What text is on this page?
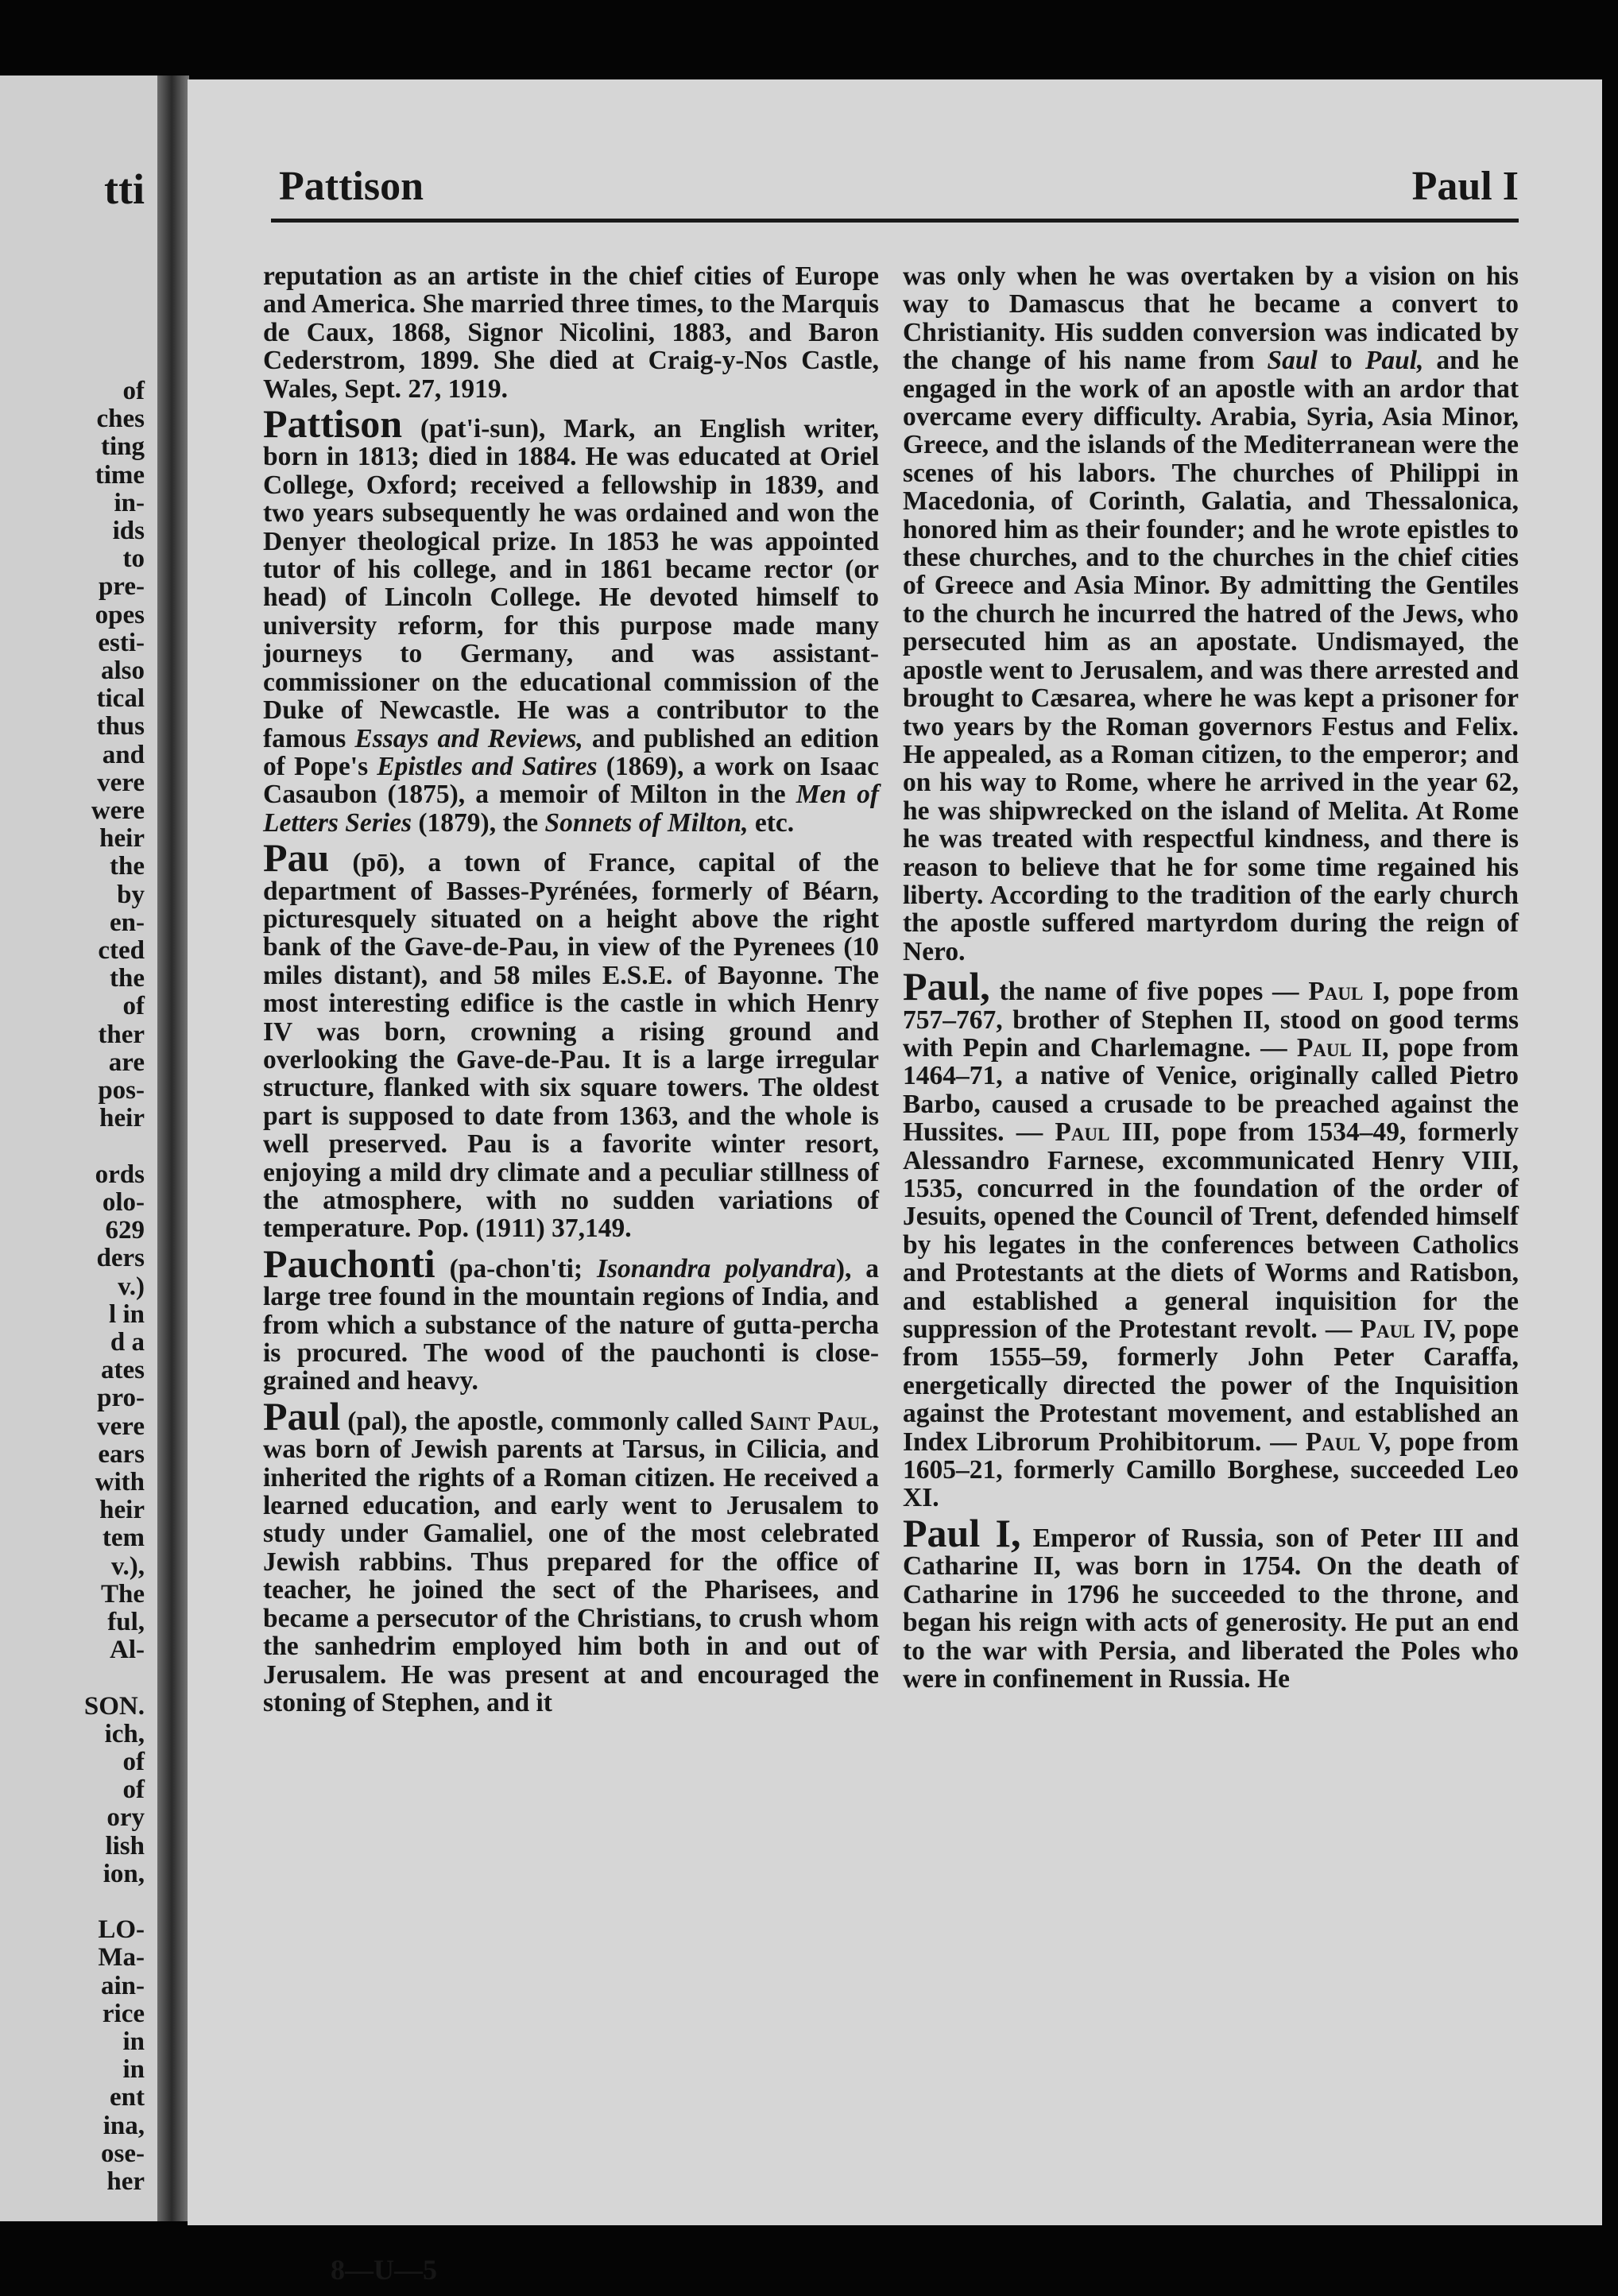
tti
of
ches
ting
time
in-
ids
to
pre-
opes
esti-
also
tical
thus
and
vere
were
heir
the
by
en-
cted
the
of
ther
are
pos-
heir

ords
olo-
629
ders
v.)
l in
d a
ates
pro-
vere
ears
with
heir
tem
v.),
The
ful,
Al-

SON.
ich,
of
of
ory
lish
ion,

LO-
Ma-
ain-
rice
in
in
ent
ina,
ose-
her
Pattison	Paul I

reputation as an artiste in the chief cities of Europe and America. She married three times, to the Marquis de Caux, 1868, Signor Nicolini, 1883, and Baron Cederstrom, 1899. She died at Craig-y-Nos Castle, Wales, Sept. 27, 1919.

Pattison (pat'i-sun), Mark, an English writer, born in 1813; died in 1884. He was educated at Oriel College, Oxford; received a fellowship in 1839, and two years subsequently he was ordained and won the Denyer theological prize. In 1853 he was appointed tutor of his college, and in 1861 became rector (or head) of Lincoln College. He devoted himself to university reform, for this purpose made many journeys to Germany, and was assistant-commissioner on the educational commission of the Duke of Newcastle. He was a contributor to the famous Essays and Reviews, and published an edition of Pope's Epistles and Satires (1869), a work on Isaac Casaubon (1875), a memoir of Milton in the Men of Letters Series (1879), the Sonnets of Milton, etc.

Pau (pō), a town of France, capital of the department of Basses-Pyrénées, formerly of Béarn, picturesquely situated on a height above the right bank of the Gave-de-Pau, in view of the Pyrenees (10 miles distant), and 58 miles E.S.E. of Bayonne. The most interesting edifice is the castle in which Henry IV was born, crowning a rising ground and overlooking the Gave-de-Pau. It is a large irregular structure, flanked with six square towers. The oldest part is supposed to date from 1363, and the whole is well preserved. Pau is a favorite winter resort, enjoying a mild dry climate and a peculiar stillness of the atmosphere, with no sudden variations of temperature. Pop. (1911) 37,149.

Pauchonti (pa-chon'ti; Isonandra polyandra), a large tree found in the mountain regions of India, and from which a substance of the nature of gutta-percha is procured. The wood of the pauchonti is close-grained and heavy.

Paul (pal), the apostle, commonly called Saint Paul, was born of Jewish parents at Tarsus, in Cilicia, and inherited the rights of a Roman citizen. He received a learned education, and early went to Jerusalem to study under Gamaliel, one of the most celebrated Jewish rabbins. Thus prepared for the office of teacher, he joined the sect of the Pharisees, and became a persecutor of the Christians, to crush whom the sanhedrim employed him both in and out of Jerusalem. He was present at and encouraged the stoning of Stephen, and it

was only when he was overtaken by a vision on his way to Damascus that he became a convert to Christianity. His sudden conversion was indicated by the change of his name from Saul to Paul, and he engaged in the work of an apostle with an ardor that overcame every difficulty. Arabia, Syria, Asia Minor, Greece, and the islands of the Mediterranean were the scenes of his labors. The churches of Philippi in Macedonia, of Corinth, Galatia, and Thessalonica, honored him as their founder; and he wrote epistles to these churches, and to the churches in the chief cities of Greece and Asia Minor. By admitting the Gentiles to the church he incurred the hatred of the Jews, who persecuted him as an apostate. Undismayed, the apostle went to Jerusalem, and was there arrested and brought to Cæsarea, where he was kept a prisoner for two years by the Roman governors Festus and Felix. He appealed, as a Roman citizen, to the emperor; and on his way to Rome, where he arrived in the year 62, he was shipwrecked on the island of Melita. At Rome he was treated with respectful kindness, and there is reason to believe that he for some time regained his liberty. According to the tradition of the early church the apostle suffered martyrdom during the reign of Nero.

Paul, the name of five popes — Paul I, pope from 757–767, brother of Stephen II, stood on good terms with Pepin and Charlemagne. — Paul II, pope from 1464–71, a native of Venice, originally called Pietro Barbo, caused a crusade to be preached against the Hussites. — Paul III, pope from 1534–49, formerly Alessandro Farnese, excommunicated Henry VIII, 1535, concurred in the foundation of the order of Jesuits, opened the Council of Trent, defended himself by his legates in the conferences between Catholics and Protestants at the diets of Worms and Ratisbon, and established a general inquisition for the suppression of the Protestant revolt. — Paul IV, pope from 1555–59, formerly John Peter Caraffa, energetically directed the power of the Inquisition against the Protestant movement, and established an Index Librorum Prohibitorum. — Paul V, pope from 1605–21, formerly Camillo Borghese, succeeded Leo XI.

Paul I, Emperor of Russia, son of Peter III and Catharine II, was born in 1754. On the death of Catharine in 1796 he succeeded to the throne, and began his reign with acts of generosity. He put an end to the war with Persia, and liberated the Poles who were in confinement in Russia. He

8—U—5
